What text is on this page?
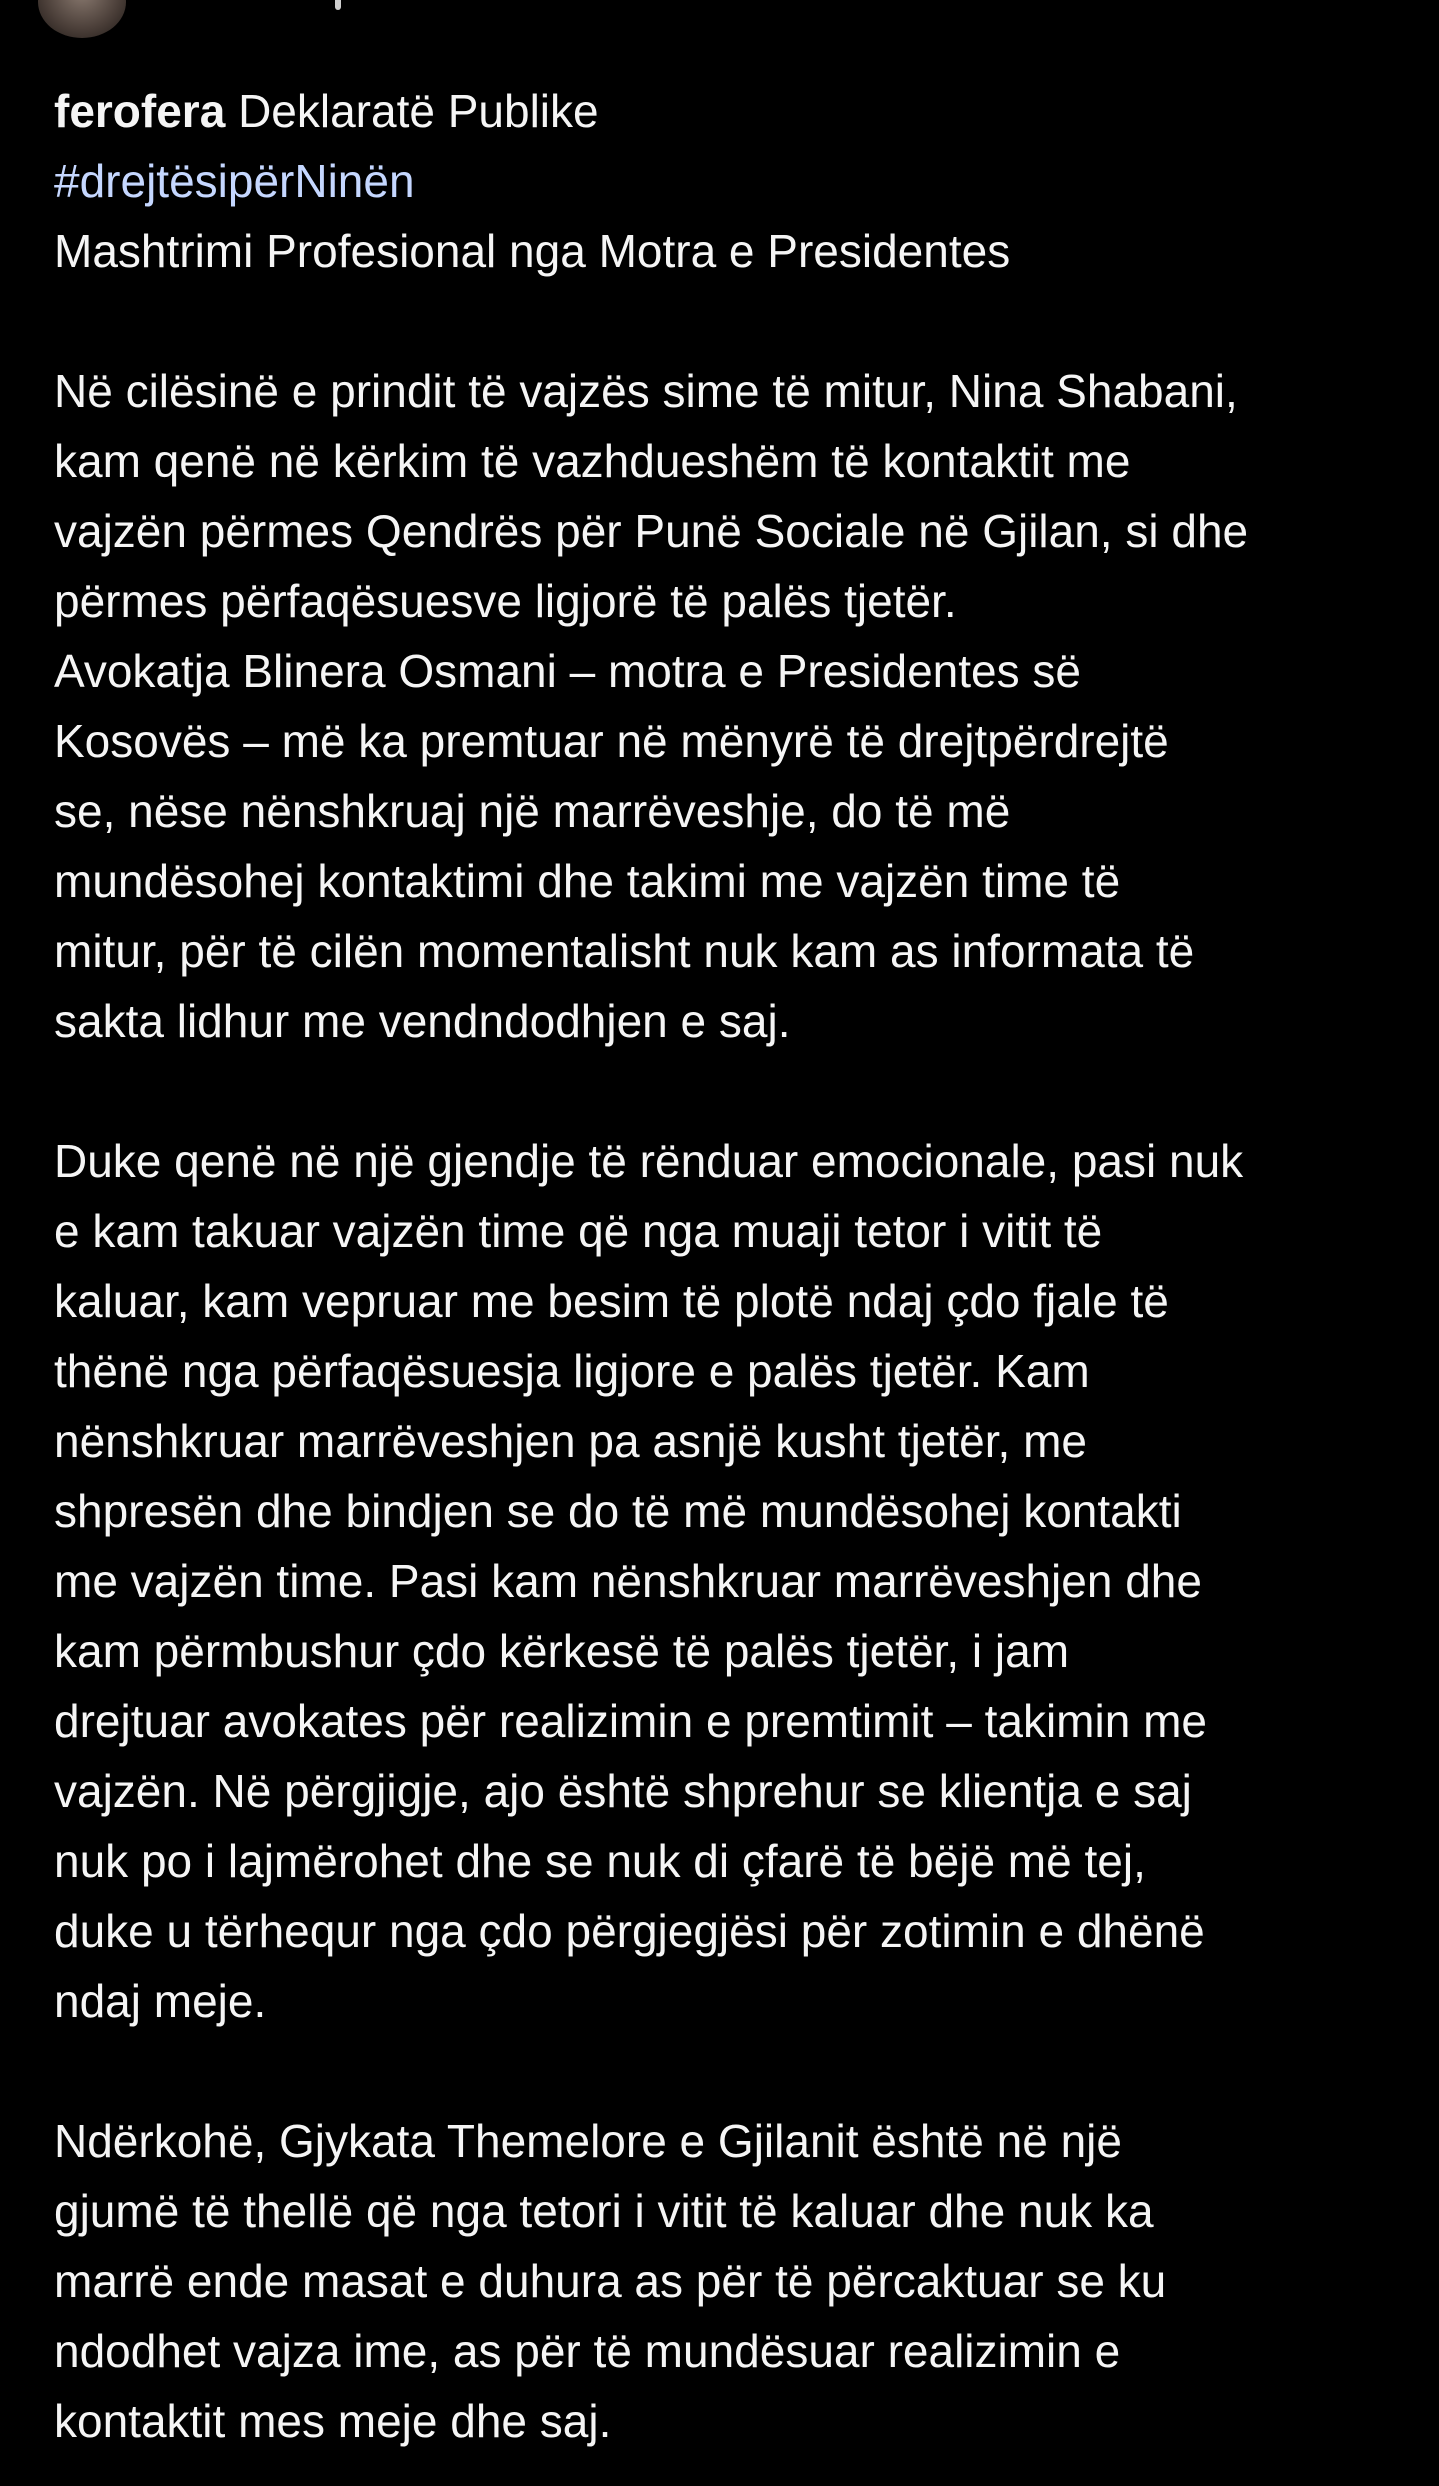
ferofera Deklaratë Publike
#drejtësipërNinën
Mashtrimi Profesional nga Motra e Presidentes
Në cilësinë e prindit të vajzës sime të mitur, Nina Shabani,
kam qenë në kërkim të vazhdueshëm të kontaktit me
vajzën përmes Qendrës për Punë Sociale në Gjilan, si dhe
përmes përfaqësuesve ligjorë të palës tjetër.
Avokatja Blinera Osmani – motra e Presidentes së
Kosovës – më ka premtuar në mënyrë të drejtpërdrejtë
se, nëse nënshkruaj një marrëveshje, do të më
mundësohej kontaktimi dhe takimi me vajzën time të
mitur, për të cilën momentalisht nuk kam as informata të
sakta lidhur me vendndodhjen e saj.
Duke qenë në një gjendje të rënduar emocionale, pasi nuk
e kam takuar vajzën time që nga muaji tetor i vitit të
kaluar, kam vepruar me besim të plotë ndaj çdo fjale të
thënë nga përfaqësuesja ligjore e palës tjetër. Kam
nënshkruar marrëveshjen pa asnjë kusht tjetër, me
shpresën dhe bindjen se do të më mundësohej kontakti
me vajzën time. Pasi kam nënshkruar marrëveshjen dhe
kam përmbushur çdo kërkesë të palës tjetër, i jam
drejtuar avokates për realizimin e premtimit – takimin me
vajzën. Në përgjigje, ajo është shprehur se klientja e saj
nuk po i lajmërohet dhe se nuk di çfarë të bëjë më tej,
duke u tërhequr nga çdo përgjegjësi për zotimin e dhënë
ndaj meje.
Ndërkohë, Gjykata Themelore e Gjilanit është në një
gjumë të thellë që nga tetori i vitit të kaluar dhe nuk ka
marrë ende masat e duhura as për të përcaktuar se ku
ndodhet vajza ime, as për të mundësuar realizimin e
kontaktit mes meje dhe saj.
